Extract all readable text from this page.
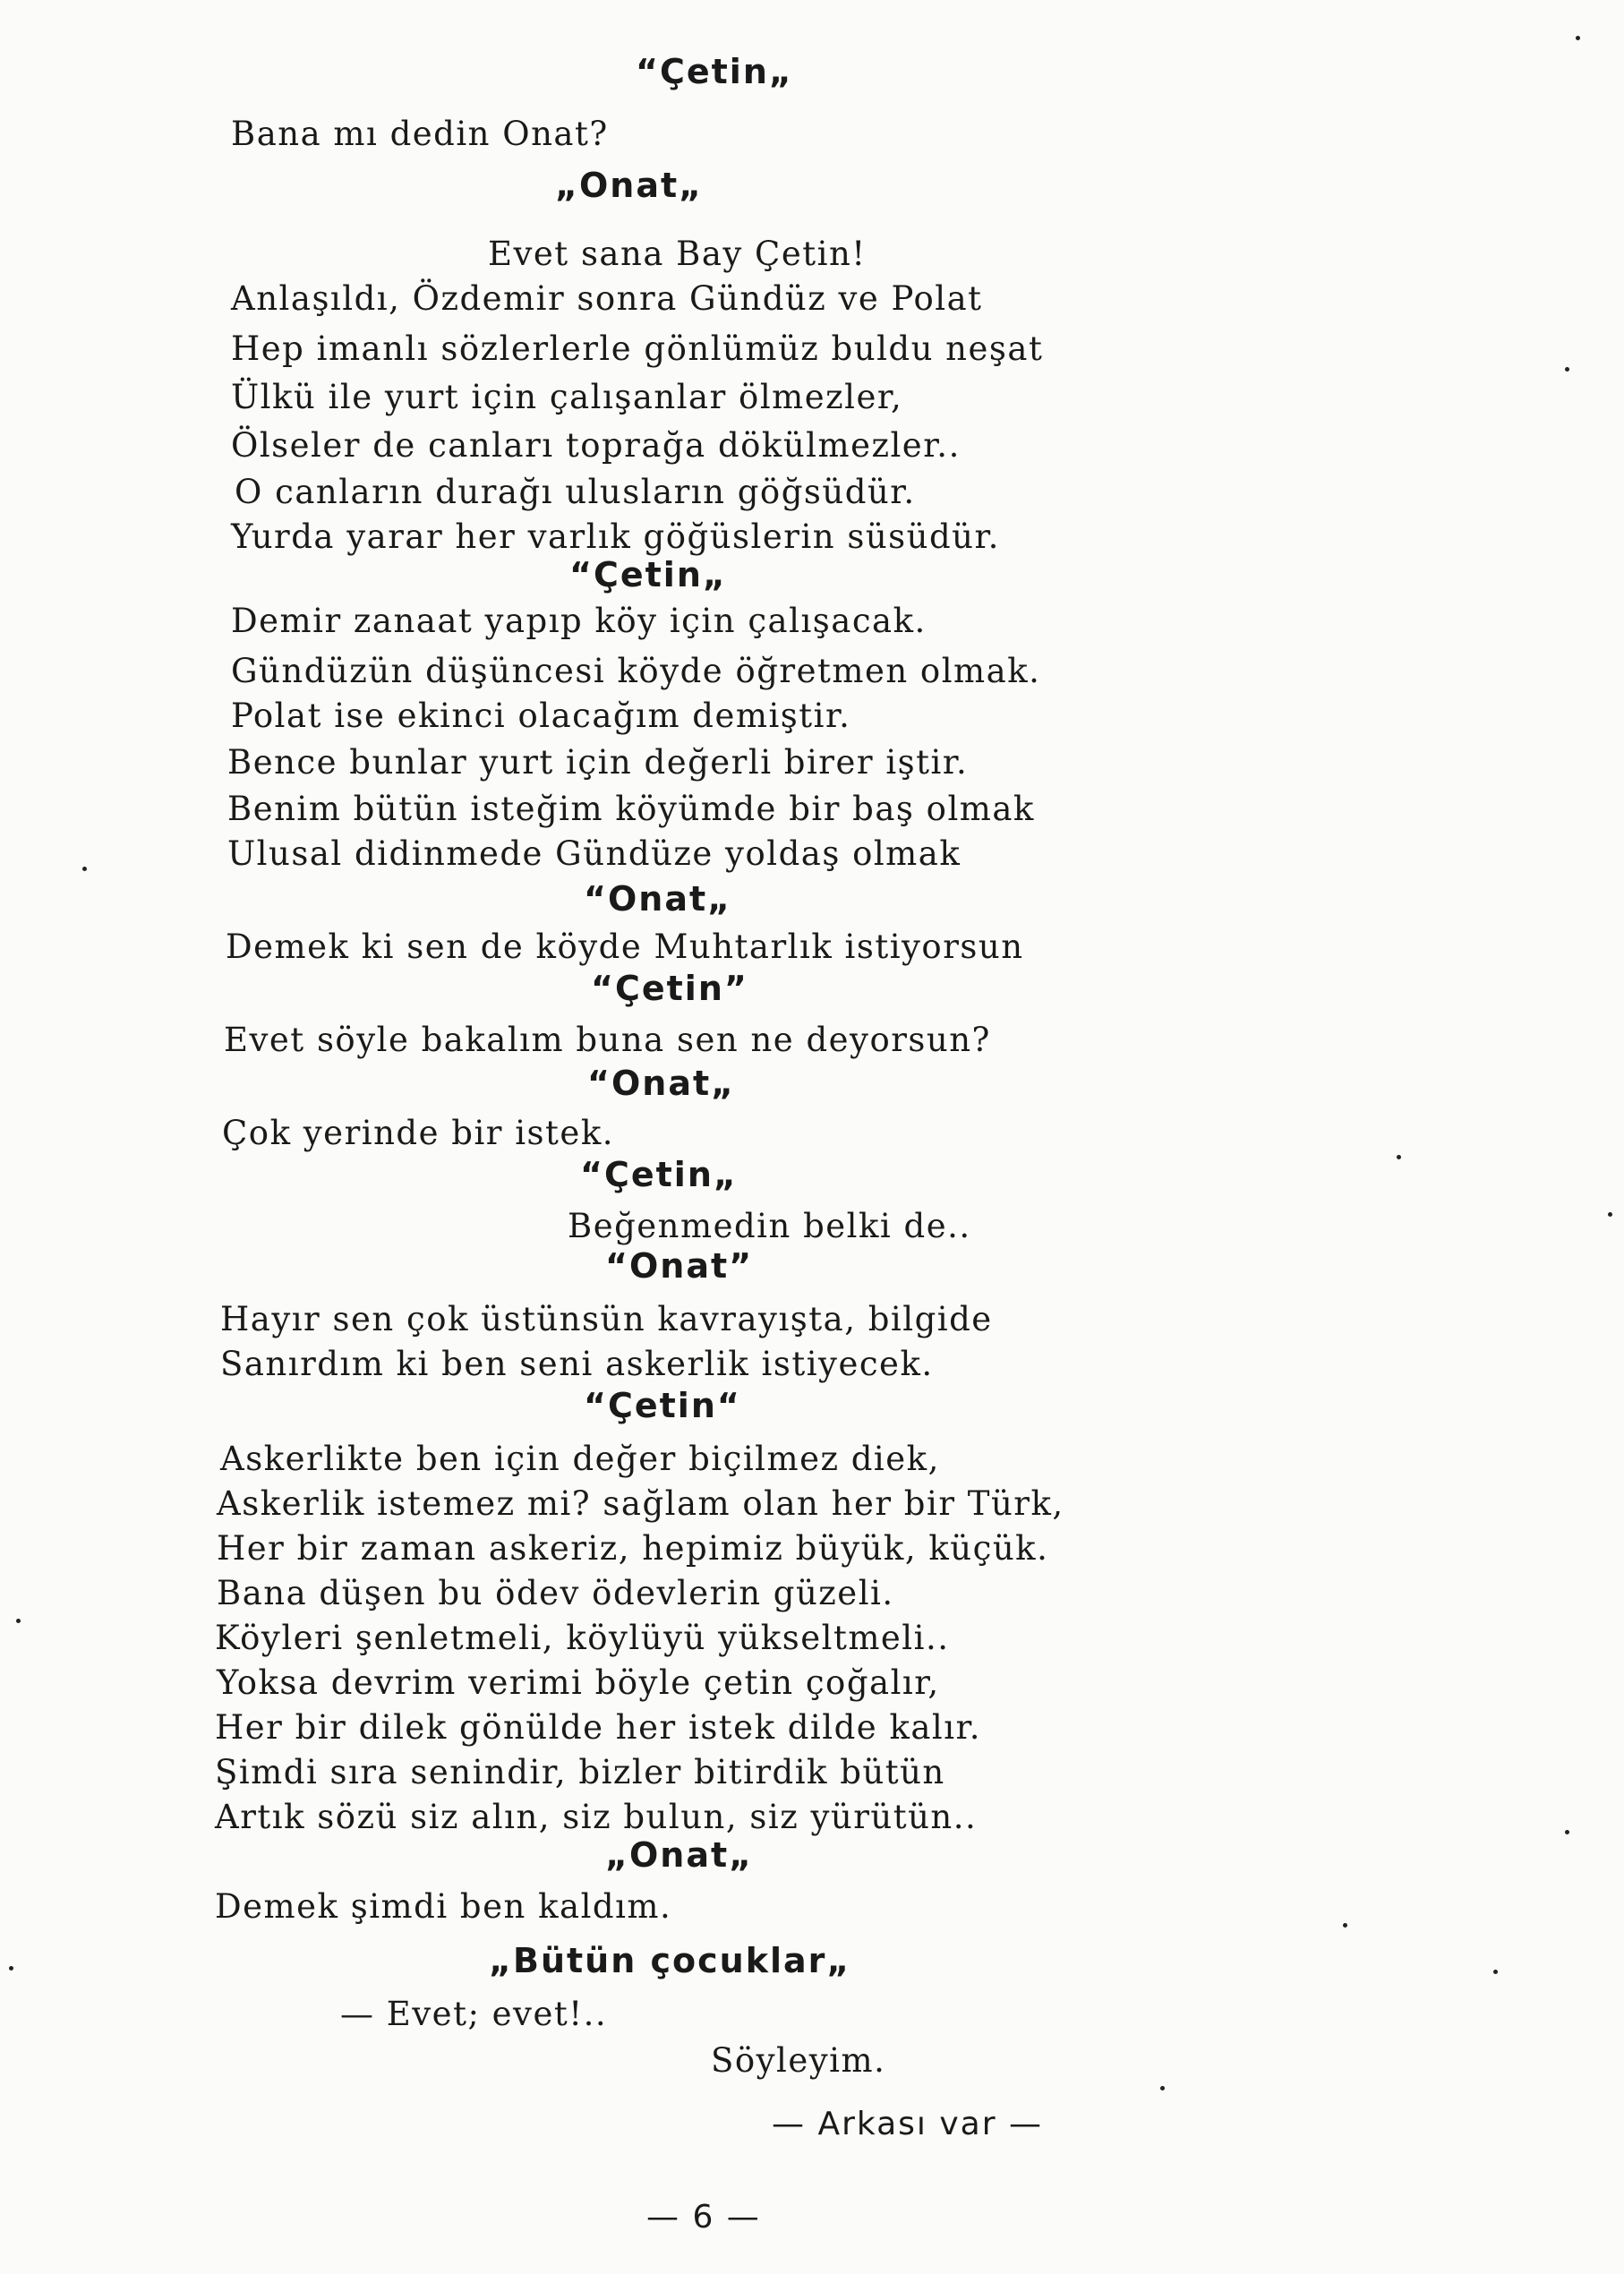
“Çetin„
Bana mı dedin Onat?
„Onat„
Evet sana Bay Çetin!
Anlaşıldı, Özdemir sonra Gündüz ve Polat
Hep imanlı sözlerlerle gönlümüz buldu neşat
Ülkü ile yurt için çalışanlar ölmezler,
Ölseler de canları toprağa dökülmezler..
O canların durağı ulusların göğsüdür.
Yurda yarar her varlık göğüslerin süsüdür.
“Çetin„
Demir zanaat yapıp köy için çalışacak.
Gündüzün düşüncesi köyde öğretmen olmak.
Polat ise ekinci olacağım demiştir.
Bence bunlar yurt için değerli birer iştir.
Benim bütün isteğim köyümde bir baş olmak
Ulusal didinmede Gündüze yoldaş olmak
“Onat„
Demek ki sen de köyde Muhtarlık istiyorsun
“Çetin”
Evet söyle bakalım buna sen ne deyorsun?
“Onat„
Çok yerinde bir istek.
“Çetin„
Beğenmedin belki de..
“Onat”
Hayır sen çok üstünsün kavrayışta, bilgide
Sanırdım ki ben seni askerlik istiyecek.
“Çetin“
Askerlikte ben için değer biçilmez diek,
Askerlik istemez mi? sağlam olan her bir Türk,
Her bir zaman askeriz, hepimiz büyük, küçük.
Bana düşen bu ödev ödevlerin güzeli.
Köyleri şenletmeli, köylüyü yükseltmeli..
Yoksa devrim verimi böyle çetin çoğalır,
Her bir dilek gönülde her istek dilde kalır.
Şimdi sıra senindir, bizler bitirdik bütün
Artık sözü siz alın, siz bulun, siz yürütün..
„Onat„
Demek şimdi ben kaldım.
„Bütün çocuklar„
— Evet; evet!..
Söyleyim.
— Arkası var —
— 6 —
